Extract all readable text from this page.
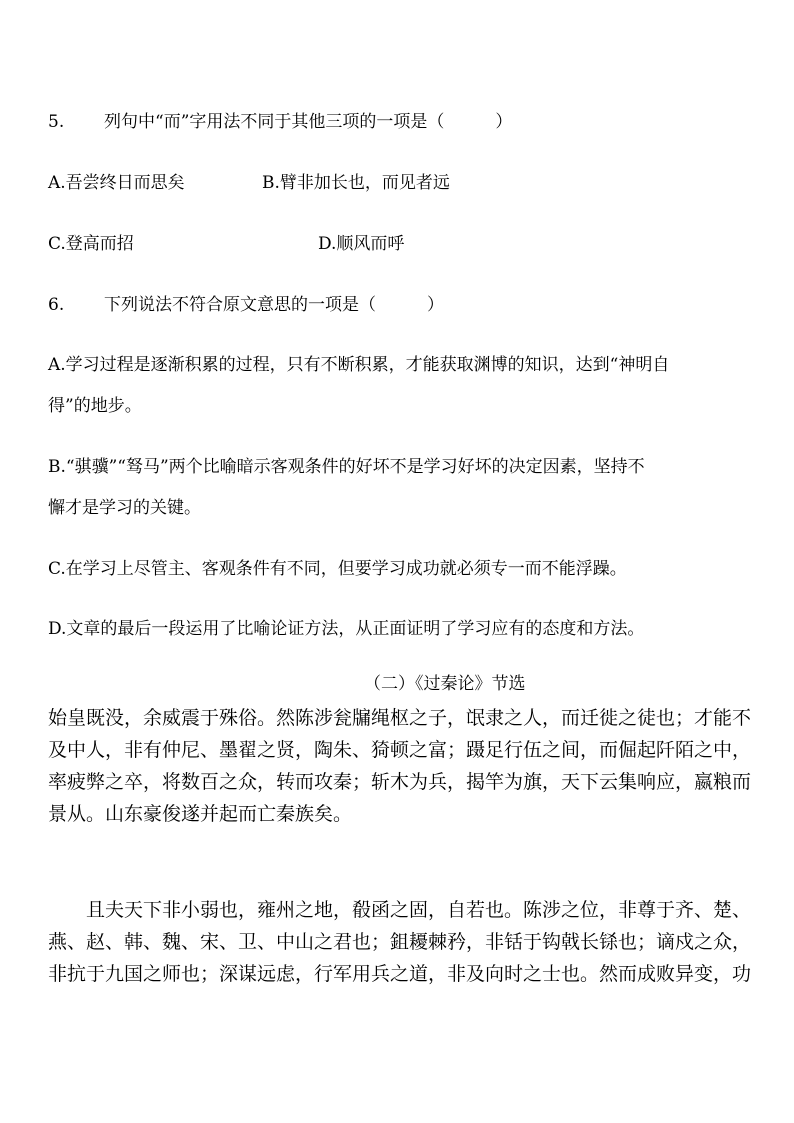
5. 列句中“而”字用法不同于其他三项的一项是（　　　）
A.吾尝终日而思矣	B.臂非加长也，而见者远
C.登高而招	D.顺风而呼
6. 下列说法不符合原文意思的一项是（　　　）
A.学习过程是逐渐积累的过程，只有不断积累，才能获取渊博的知识，达到“神明自
得”的地步。
B.“骐骥”“驽马”两个比喻暗示客观条件的好坏不是学习好坏的决定因素，坚持不
懈才是学习的关键。
C.在学习上尽管主、客观条件有不同，但要学习成功就必须专一而不能浮躁。
D.文章的最后一段运用了比喻论证方法，从正面证明了学习应有的态度和方法。
（二）《过秦论》节选
始皇既没，余威震于殊俗。然陈涉瓮牖绳枢之子，氓隶之人，而迁徙之徒也；才能不
及中人，非有仲尼、墨翟之贤，陶朱、猗顿之富；蹑足行伍之间，而倔起阡陌之中，
率疲弊之卒，将数百之众，转而攻秦；斩木为兵，揭竿为旗，天下云集响应，嬴粮而
景从。山东豪俊遂并起而亡秦族矣。
且夫天下非小弱也，雍州之地，殽函之固，自若也。陈涉之位，非尊于齐、楚、
燕、赵、韩、魏、宋、卫、中山之君也；鉏耰棘矜，非铦于钩戟长铩也；谪戍之众，
非抗于九国之师也；深谋远虑，行军用兵之道，非及向时之士也。然而成败异变，功
